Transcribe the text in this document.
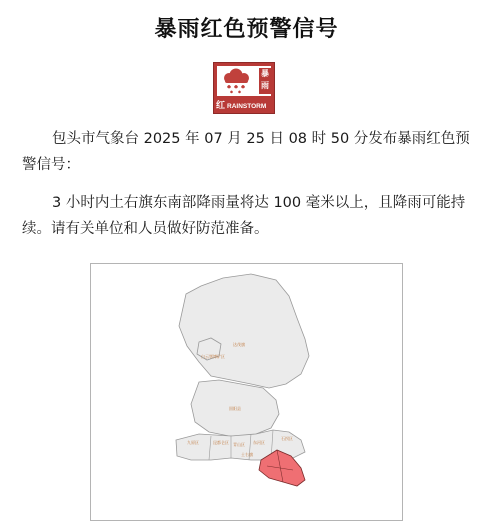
暴雨红色预警信号
暴雨
红 RAINSTORM
包头市气象台 2025 年 07 月 25 日 08 时 50 分发布暴雨红色预警信号：
3 小时内土右旗东南部降雨量将达 100 毫米以上，且降雨可能持续。请有关单位和人员做好防范准备。
达茂旗
白云鄂博矿区
固阳县
九原区	昆都仑区 青山区 东河区
石拐区
土右旗
